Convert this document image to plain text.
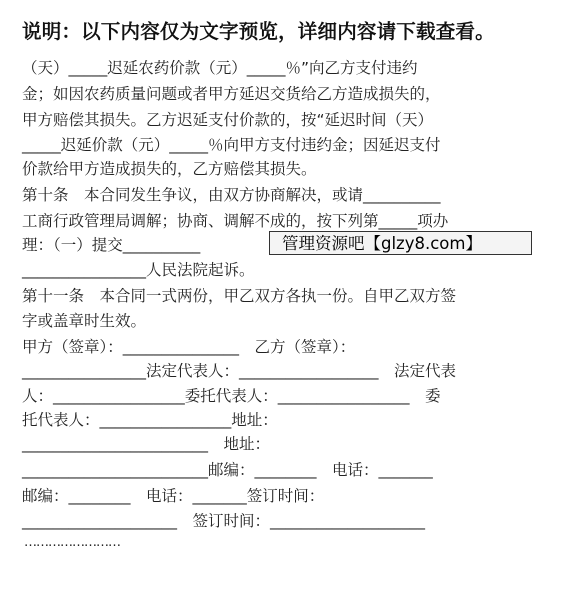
说明：以下内容仅为文字预览，详细内容请下载查看。
（天）_____迟延农药价款（元）_____％”向乙方支付违约
金；如因农药质量问题或者甲方延迟交货给乙方造成损失的，
甲方赔偿其损失。乙方迟延支付价款的，按“延迟时间（天）
_____迟延价款（元）_____％向甲方支付违约金；因延迟支付
价款给甲方造成损失的，乙方赔偿其损失。
第十条　本合同发生争议，由双方协商解决，或请__________
工商行政管理局调解；协商、调解不成的，按下列第_____项办
理：（一）提交__________
________________人民法院起诉。
第十一条　本合同一式两份，甲乙双方各执一份。自甲乙双方签
字或盖章时生效。
甲方（签章）：_______________　乙方（签章）：
________________法定代表人：__________________　法定代表
人：_________________委托代表人：_________________　委
托代表人：_________________地址：
________________________　地址：
________________________邮编：________　电话：_______
邮编：________　电话：_______签订时间：
____________________　签订时间：____________________
管理资源吧【glzy8.com】
……………………
